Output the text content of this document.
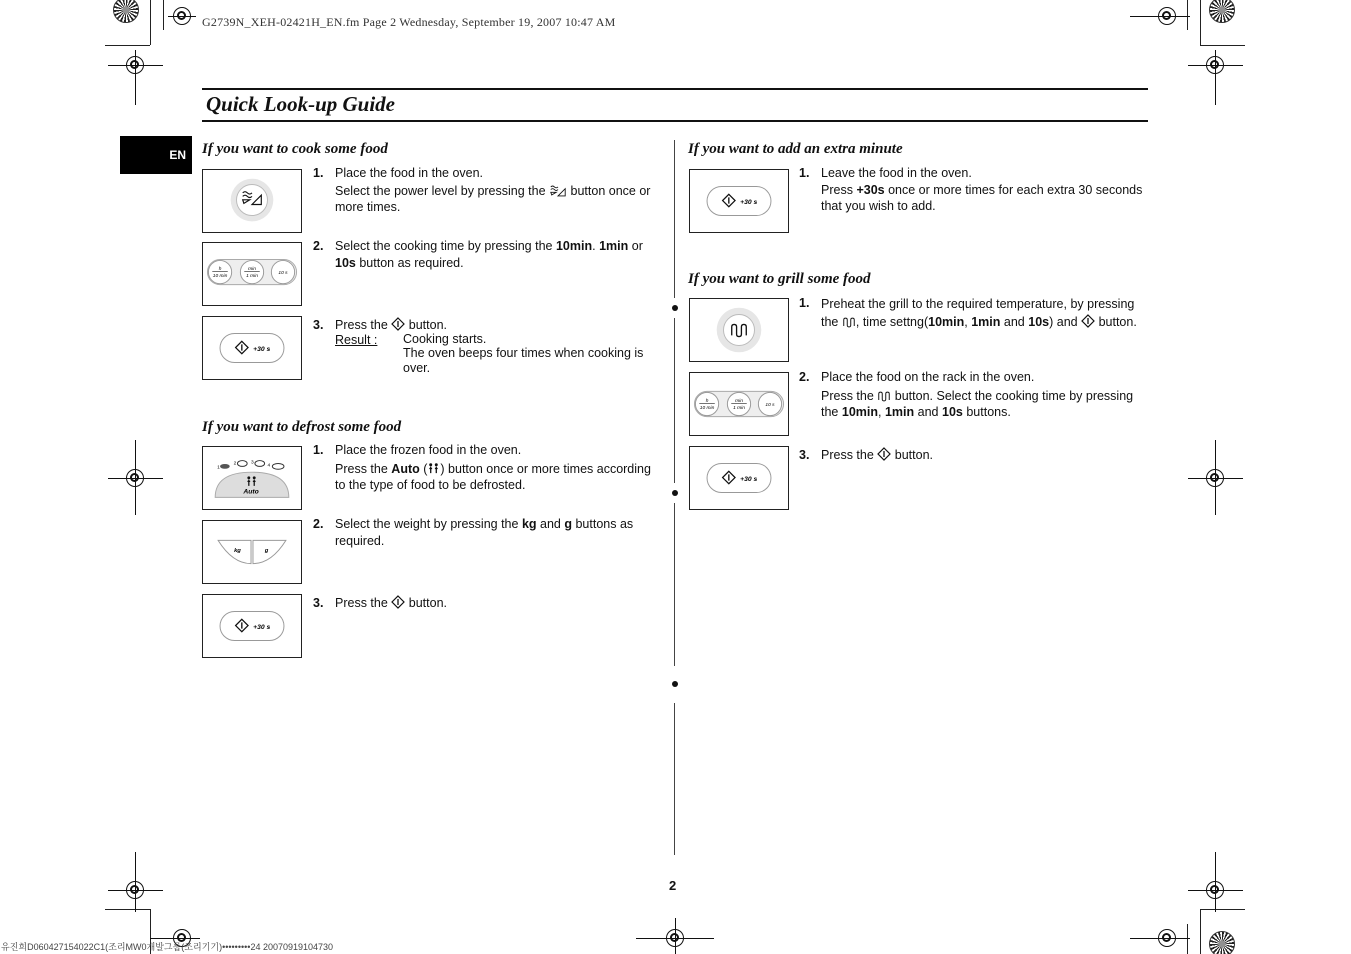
G2739N_XEH-02421H_EN.fm Page 2 Wednesday, September 19, 2007 10:47 AM
Quick Look-up Guide
EN	If you want to cook some food
1. Place the food in the oven.

Select the power level by pressing the button once or
more times.

h
10 min
min
1 min
10 s
2. Select the cooking time by pressing the 10min. 1min or
10s button as required.

+30 s
3. Press the button.

Result : Cooking starts.
The oven beeps four times when cooking is
over.
If you want to defrost some food
1
2	3
4
Auto
1. Place the frozen food in the oven.

Press the Auto ( ) button once or more times according
to the type of food to be defrosted.

kg	g
2. Select the weight by pressing the kg and g buttons as
required.

+30 s
3. Press the button.

If you want to add an extra minute
+30 s
1. Leave the food in the oven.

Press +30s once or more times for each extra 30 seconds
that you wish to add.

If you want to grill some food
1. Preheat the grill to the required temperature, by pressing

the , time settng(10min, 1min and 10s) and button.

h
10 min
min
1 min
10 s
2. Place the food on the rack in the oven.

Press the button. Select the cooking time by pressing
the 10min, 1min and 10s buttons.

+30 s
3. Press the button.

2
유진희D060427154022C1(조리MW0개발그룹(조리기기)•••••••••24 20070919104730
